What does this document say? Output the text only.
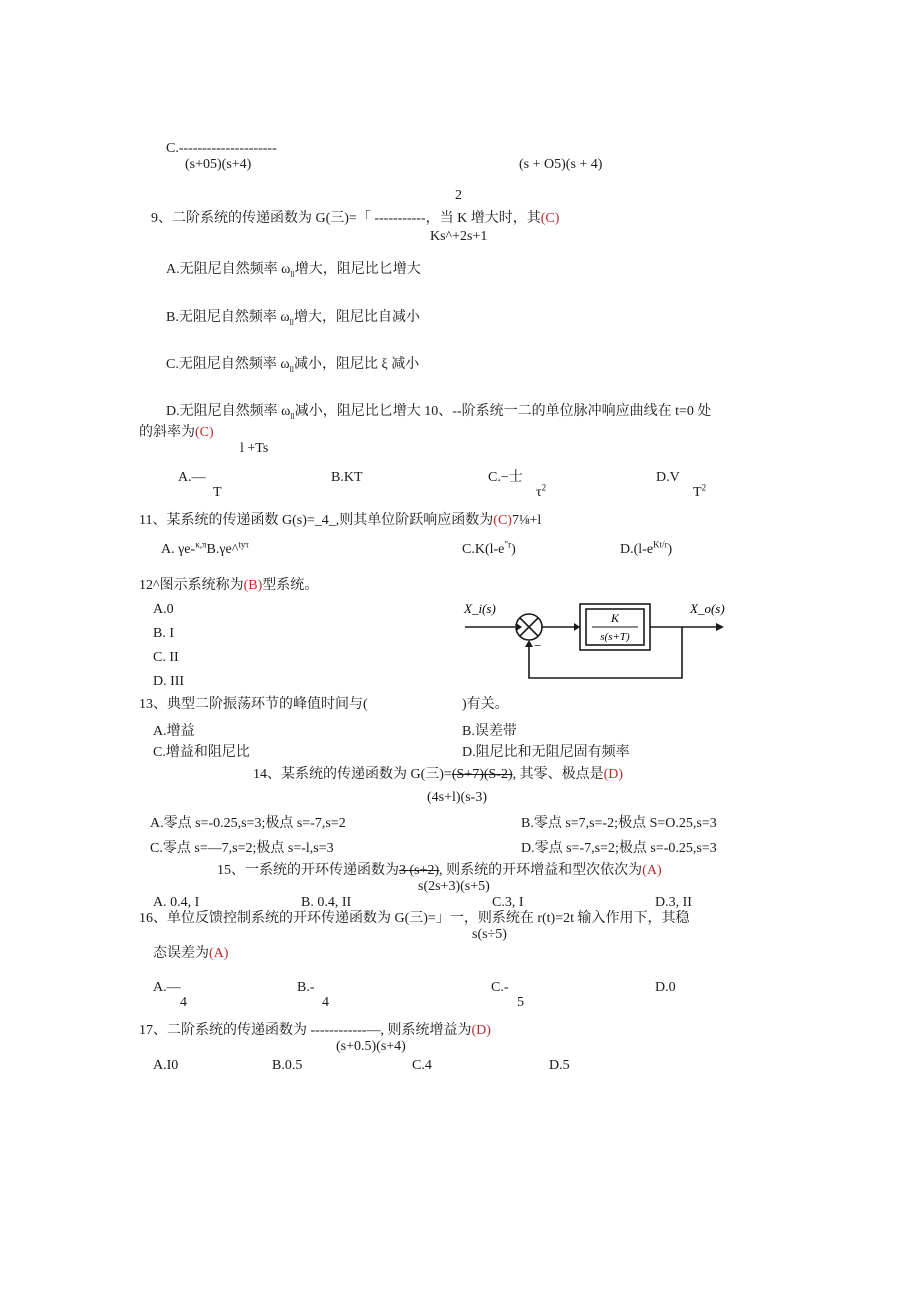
C.---------------------
(s+05)(s+4)	(s + O5)(s + 4)
2
9、二阶系统的传递函数为 G(三)=「 -----------，当 K 增大时，其(C)
Ks^+2s+1
A.无阻尼自然频率 $\omega_{ll}$增大，阻尼比匕增大
B.无阻尼自然频率 $\omega_{ll}$增大，阻尼比自减小
C.无阻尼自然频率 $\omega_{ll}$减小，阻尼比 ξ 减小
D.无阻尼自然频率 $\omega_{ll}$减小，阻尼比匕增大 10、--阶系统一二的单位脉冲响应曲线在 t=0 处
的斜率为(C)
l +Ts
A.—
T
B.KT	C.−士
$\tau^2$
D.V
$T^2$
11、某系统的传递函数 G(s)=_4_,则其单位阶跃响应函数为(C)7⅛+l
A. γe-$^{\kappa,\pi}$B.γe^$^{ty\tau}$	$C.K(l-e^{"r})$	$D.(l-e^{Kt/r})$
12^图示系统称为(B)型系统。
A.0
B. I
C. II
D. III
X_i(s)	X_o(s)
K
s(s+T)
−
13、典型二阶振荡环节的峰值时间与(	)有关。
A.增益	B.误差带
C.增益和阻尼比	D.阻尼比和无阻尼固有频率
14、某系统的传递函数为 G(三)=(S+7)(S-2), 其零、极点是(D)
(4s+l)(s-3)
A.零点 s=-0.25,s=3;极点 s=-7,s=2	B.零点 s=7,s=-2;极点 S=O.25,s=3
C.零点 s=—7,s=2;极点 s=-l,s=3	D.零点 s=-7,s=2;极点 s=-0.25,s=3
15、一系统的开环传递函数为3 (s+2), 则系统的开环增益和型次依次为(A)
s(2s+3)(s+5)
A. 0.4, I	B. 0.4, II	C.3, I	D.3, II
16、单位反馈控制系统的开环传递函数为 G(三)=」一，则系统在 r(t)=2t 输入作用下，其稳
s(s÷5)
态误差为(A)
A.—
4
B.-
4
C.-
5
D.0
17、二阶系统的传递函数为 ------------—, 则系统增益为(D)
(s+0.5)(s+4)
A.I0	B.0.5	C.4	D.5
